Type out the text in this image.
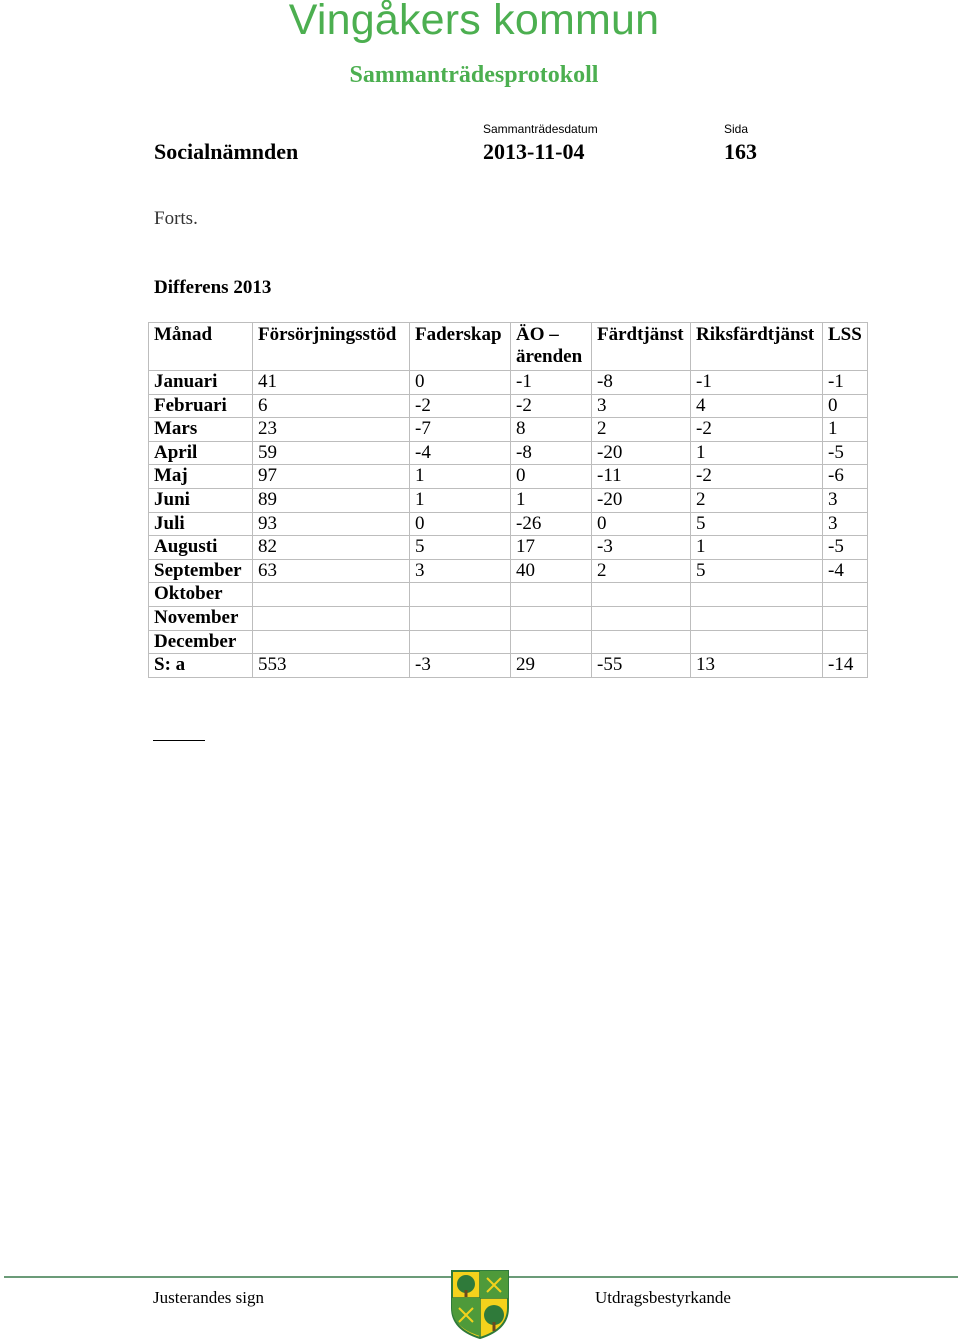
Vingåkers kommun
Sammanträdesprotokoll
Socialnämnden
Sammanträdesdatum
2013-11-04
Sida
163
Forts.
Differens 2013
Månad	Försörjningsstöd	Faderskap	ÄO – ärenden	Färdtjänst	Riksfärdtjänst	LSS
Januari	41	0	-1	-8	-1	-1
Februari	6	-2	-2	3	4	0
Mars	23	-7	8	2	-2	1
April	59	-4	-8	-20	1	-5
Maj	97	1	0	-11	-2	-6
Juni	89	1	1	-20	2	3
Juli	93	0	-26	0	5	3
Augusti	82	5	17	-3	1	-5
September	63	3	40	2	5	-4
Oktober						
November						
December						
S: a	553	-3	29	-55	13	-14
Justerandes sign	Utdragsbestyrkande
